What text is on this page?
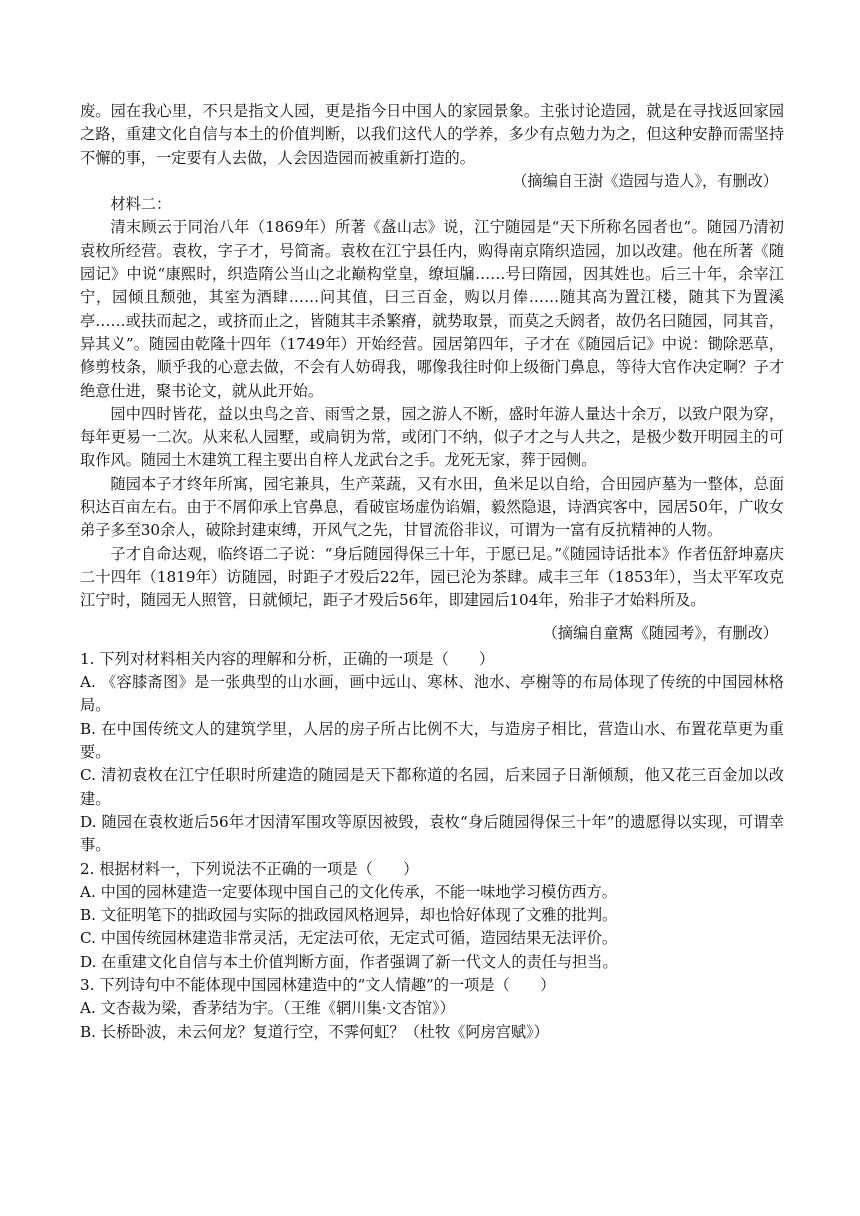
废。园在我心里，不只是指文人园，更是指今日中国人的家园景象。主张讨论造园，就是在寻找返回家园之路，重建文化自信与本土的价值判断，以我们这代人的学养，多少有点勉力为之，但这种安静而需坚持不懈的事，一定要有人去做，人会因造园而被重新打造的。

（摘编自王澍《造园与造人》，有删改）

材料二：

清末顾云于同治八年（1869年）所著《盋山志》说，江宁随园是“天下所称名园者也”。随园乃清初袁枚所经营。袁枚，字子才，号简斋。袁枚在江宁县任内，购得南京隋织造园，加以改建。他在所著《随园记》中说“康熙时，织造隋公当山之北巅构堂皇，缭垣牖……号曰隋园，因其姓也。后三十年，余宰江宁，园倾且颓弛，其室为酒肆……问其值，曰三百金，购以月俸……随其高为置江楼，随其下为置溪亭……或扶而起之，或挤而止之，皆随其丰杀繁瘠，就势取景，而莫之夭阏者，故仍名曰随园，同其音，异其义”。随园由乾隆十四年（1749年）开始经营。园居第四年，子才在《随园后记》中说：锄除恶草，修剪枝条，顺乎我的心意去做，不会有人妨碍我，哪像我往时仰上级衙门鼻息，等待大官作决定啊？子才绝意仕进，聚书论文，就从此开始。

园中四时皆花，益以虫鸟之音、雨雪之景，园之游人不断，盛时年游人量达十余万，以致户限为穿，每年更易一二次。从来私人园墅，或扃钥为常，或闭门不纳，似子才之与人共之，是极少数开明园主的可取作风。随园土木建筑工程主要出自梓人龙武台之手。龙死无家，葬于园侧。

随园本子才终年所寓，园宅兼具，生产菜蔬，又有水田，鱼米足以自给，合田园庐墓为一整体，总面积达百亩左右。由于不屑仰承上官鼻息，看破宦场虚伪谄媚，毅然隐退，诗酒宾客中，园居50年，广收女弟子多至30余人，破除封建束缚，开风气之先，甘冒流俗非议，可谓为一富有反抗精神的人物。

子才自命达观，临终语二子说：“身后随园得保三十年，于愿已足。”《随园诗话批本》作者伍舒坤嘉庆二十四年（1819年）访随园，时距子才殁后22年，园已沦为茶肆。咸丰三年（1853年），当太平军攻克江宁时，随园无人照管，日就倾圮，距子才殁后56年，即建园后104年，殆非子才始料所及。

（摘编自童寯《随园考》，有删改）

1. 下列对材料相关内容的理解和分析，正确的一项是（　　）

A. 《容膝斋图》是一张典型的山水画，画中远山、寒林、池水、亭榭等的布局体现了传统的中国园林格局。

B. 在中国传统文人的建筑学里，人居的房子所占比例不大，与造房子相比，营造山水、布置花草更为重要。

C. 清初袁枚在江宁任职时所建造的随园是天下都称道的名园，后来园子日渐倾颓，他又花三百金加以改建。

D. 随园在袁枚逝后56年才因清军围攻等原因被毁，袁枚“身后随园得保三十年”的遗愿得以实现，可谓幸事。

2. 根据材料一，下列说法不正确的一项是（　　）

A. 中国的园林建造一定要体现中国自己的文化传承，不能一味地学习模仿西方。

B. 文征明笔下的拙政园与实际的拙政园风格迥异，却也恰好体现了文雅的批判。

C. 中国传统园林建造非常灵活，无定法可依，无定式可循，造园结果无法评价。

D. 在重建文化自信与本土价值判断方面，作者强调了新一代文人的责任与担当。

3. 下列诗句中不能体现中国园林建造中的“文人情趣”的一项是（　　）

A. 文杏裁为梁，香茅结为宇。（王维《辋川集·文杏馆》）

B. 长桥卧波，未云何龙？复道行空，不霁何虹？（杜牧《阿房宫赋》）
